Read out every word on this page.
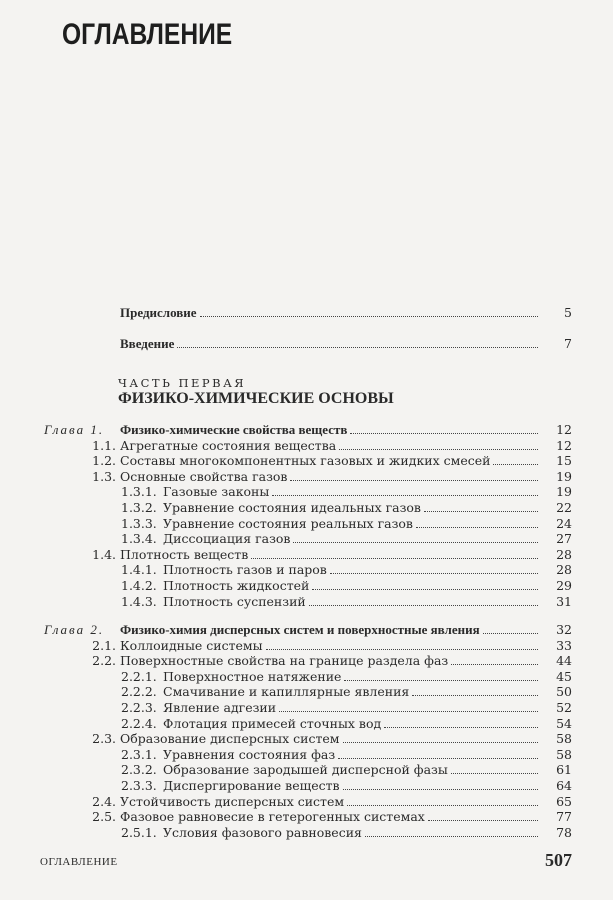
ОГЛАВЛЕНИЕ
Предисловие	5
Введение	7
Глава 1. Физико-химические свойства веществ	12
1.1. Агрегатные состояния вещества	12
1.2. Составы многокомпонентных газовых и жидких смесей	15
1.3. Основные свойства газов	19
1.3.1. Газовые законы	19
1.3.2. Уравнение состояния идеальных газов	22
1.3.3. Уравнение состояния реальных газов	24
1.3.4. Диссоциация газов	27
1.4. Плотность веществ	28
1.4.1. Плотность газов и паров	28
1.4.2. Плотность жидкостей	29
1.4.3. Плотность суспензий	31
Глава 2. Физико-химия дисперсных систем и поверхностные явления	32
2.1. Коллоидные системы	33
2.2. Поверхностные свойства на границе раздела фаз	44
2.2.1. Поверхностное натяжение	45
2.2.2. Смачивание и капиллярные явления	50
2.2.3. Явление адгезии	52
2.2.4. Флотация примесей сточных вод	54
2.3. Образование дисперсных систем	58
2.3.1. Уравнения состояния фаз	58
2.3.2. Образование зародышей дисперсной фазы	61
2.3.3. Диспергирование веществ	64
2.4. Устойчивость дисперсных систем	65
2.5. Фазовое равновесие в гетерогенных системах	77
2.5.1. Условия фазового равновесия	78
ЧАСТЬ ПЕРВАЯ
ФИЗИКО-ХИМИЧЕСКИЕ ОСНОВЫ
ОГЛАВЛЕНИЕ	507
